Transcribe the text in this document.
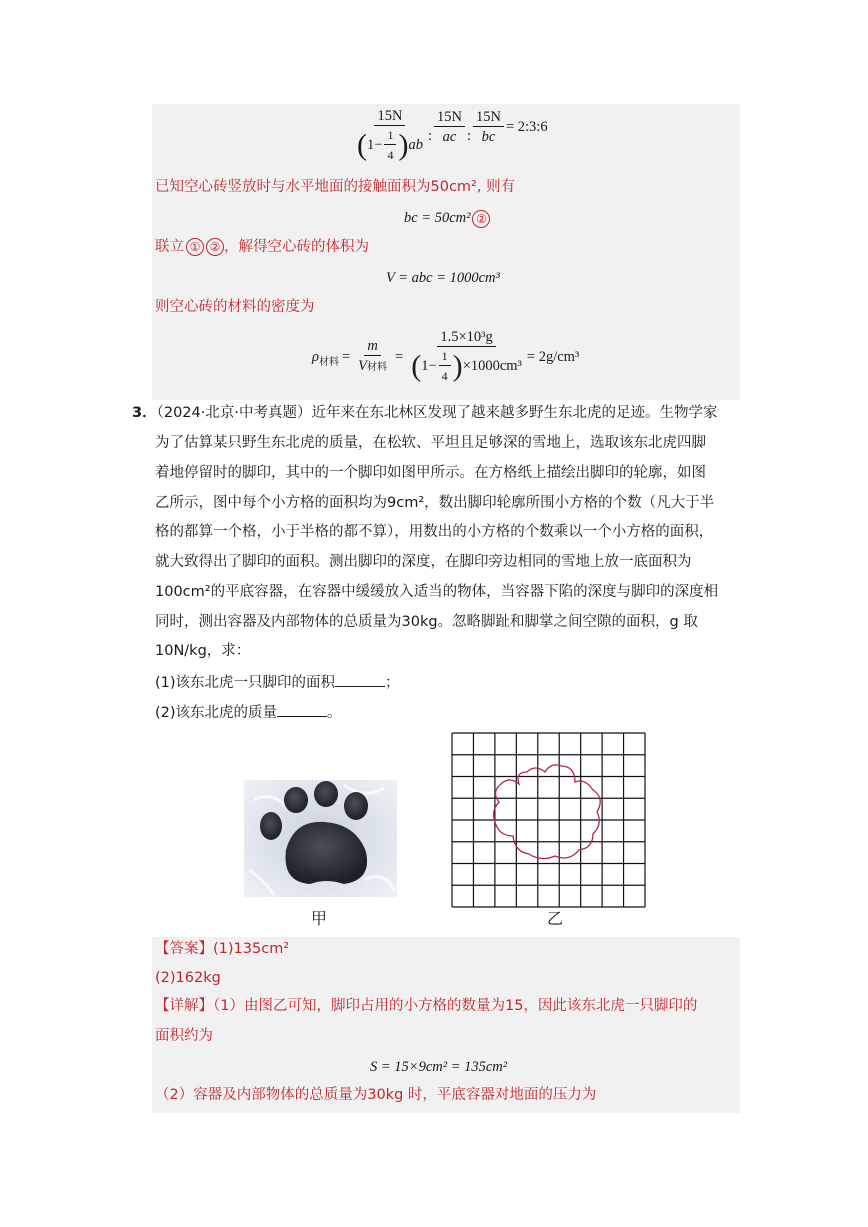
$\frac{15N}{(1- \frac{1}{4} )ab}$ : $\frac{15N}{ac}$ : $\frac{15N}{bc}$ = 2:3:6
已知空心砖竖放时与水平地面的接触面积为50cm², 则有
bc = 50cm² ②
联立 ① ② ，解得空心砖的体积为
V = abc = 1000cm³
则空心砖的材料的密度为
ρ 材料 = $\frac{m}{\text{V材料}} = \frac{\text{1.5×10³g}}{(1- \frac{1}{4} )\times 1000cm^3} = 2g/cm^3$
3．（2024·北京·中考真题）近年来在东北林区发现了越来越多野生东北虎的足迹。生物学家
为了估算某只野生东北虎的质量，在松软、平坦且足够深的雪地上，选取该东北虎四脚
着地停留时的脚印，其中的一个脚印如图甲所示。在方格纸上描绘出脚印的轮廓，如图
乙所示，图中每个小方格的面积均为9cm²，数出脚印轮廓所围小方格的个数（凡大于半
格的都算一个格，小于半格的都不算），用数出的小方格的个数乘以一个小方格的面积，
就大致得出了脚印的面积。测出脚印的深度，在脚印旁边相同的雪地上放一底面积为
100cm²的平底容器，在容器中缓缓放入适当的物体，当容器下陷的深度与脚印的深度相
同时，测出容器及内部物体的总质量为30kg。忽略脚趾和脚掌之间空隙的面积，g 取
10N/kg，求：
(1)该东北虎一只脚印的面积	；
(2)该东北虎的质量	。
甲	乙
【答案】(1)135cm²
(2)162kg
【详解】（1）由图乙可知，脚印占用的小方格的数量为15，因此该东北虎一只脚印的
面积约为
S = 15×9cm² = 135cm²
（2）容器及内部物体的总质量为30kg 时，平底容器对地面的压力为
